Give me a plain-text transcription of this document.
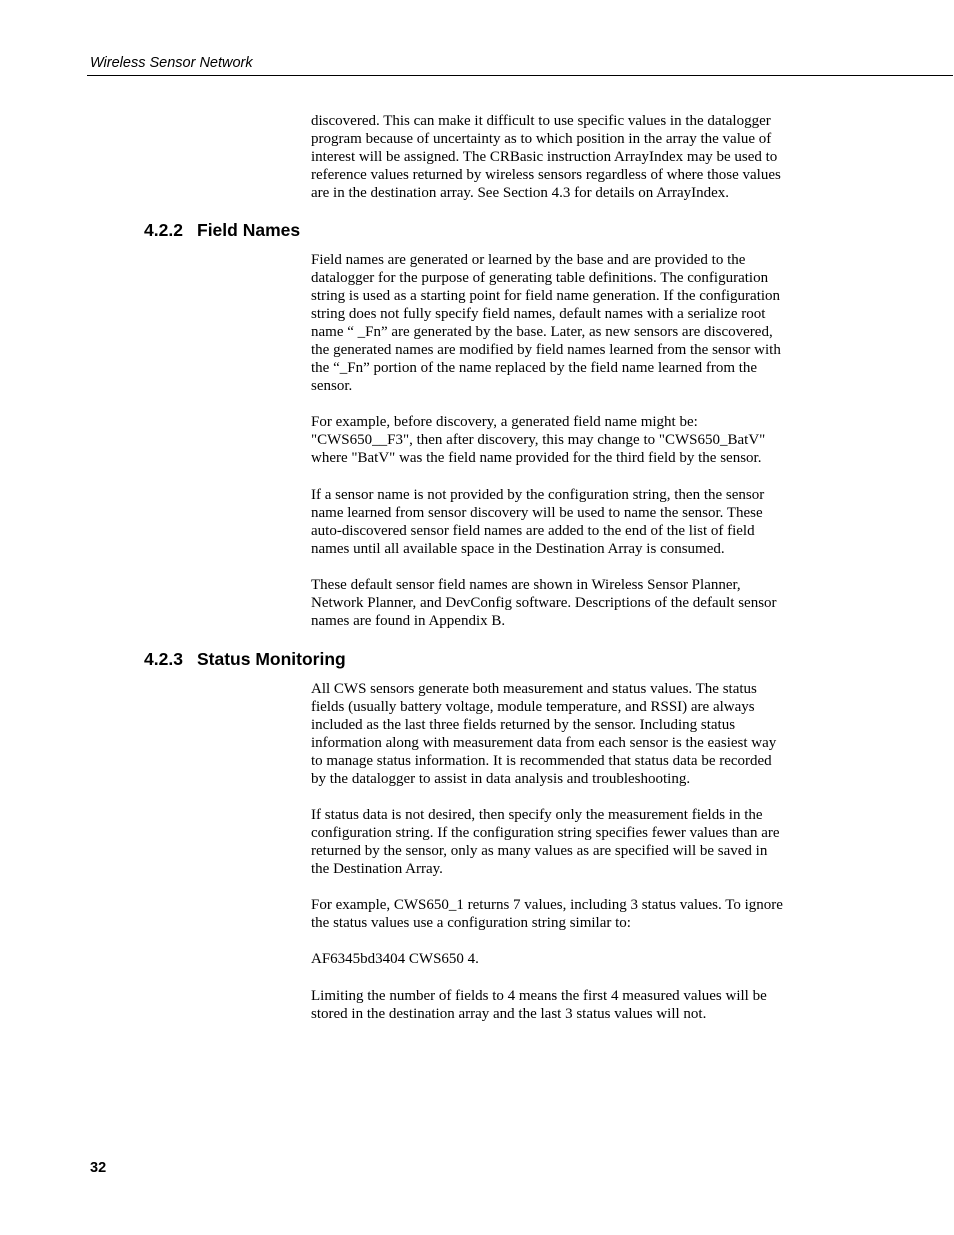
Wireless Sensor Network

discovered. This can make it difficult to use specific values in the datalogger
program because of uncertainty as to which position in the array the value of
interest will be assigned. The CRBasic instruction ArrayIndex may be used to
reference values returned by wireless sensors regardless of where those values
are in the destination array. See Section 4.3 for details on ArrayIndex.

4.2.2 Field Names

Field names are generated or learned by the base and are provided to the
datalogger for the purpose of generating table definitions. The configuration
string is used as a starting point for field name generation. If the configuration
string does not fully specify field names, default names with a serialize root
name “ _Fn” are generated by the base. Later, as new sensors are discovered,
the generated names are modified by field names learned from the sensor with
the “_Fn” portion of the name replaced by the field name learned from the
sensor.

For example, before discovery, a generated field name might be:
"CWS650__F3", then after discovery, this may change to "CWS650_BatV"
where "BatV" was the field name provided for the third field by the sensor.

If a sensor name is not provided by the configuration string, then the sensor
name learned from sensor discovery will be used to name the sensor. These
auto-discovered sensor field names are added to the end of the list of field
names until all available space in the Destination Array is consumed.

These default sensor field names are shown in Wireless Sensor Planner,
Network Planner, and DevConfig software. Descriptions of the default sensor
names are found in Appendix B.

4.2.3 Status Monitoring

All CWS sensors generate both measurement and status values. The status
fields (usually battery voltage, module temperature, and RSSI) are always
included as the last three fields returned by the sensor. Including status
information along with measurement data from each sensor is the easiest way
to manage status information. It is recommended that status data be recorded
by the datalogger to assist in data analysis and troubleshooting.

If status data is not desired, then specify only the measurement fields in the
configuration string. If the configuration string specifies fewer values than are
returned by the sensor, only as many values as are specified will be saved in
the Destination Array.

For example, CWS650_1 returns 7 values, including 3 status values. To ignore
the status values use a configuration string similar to:

AF6345bd3404 CWS650 4.

Limiting the number of fields to 4 means the first 4 measured values will be
stored in the destination array and the last 3 status values will not.

32
